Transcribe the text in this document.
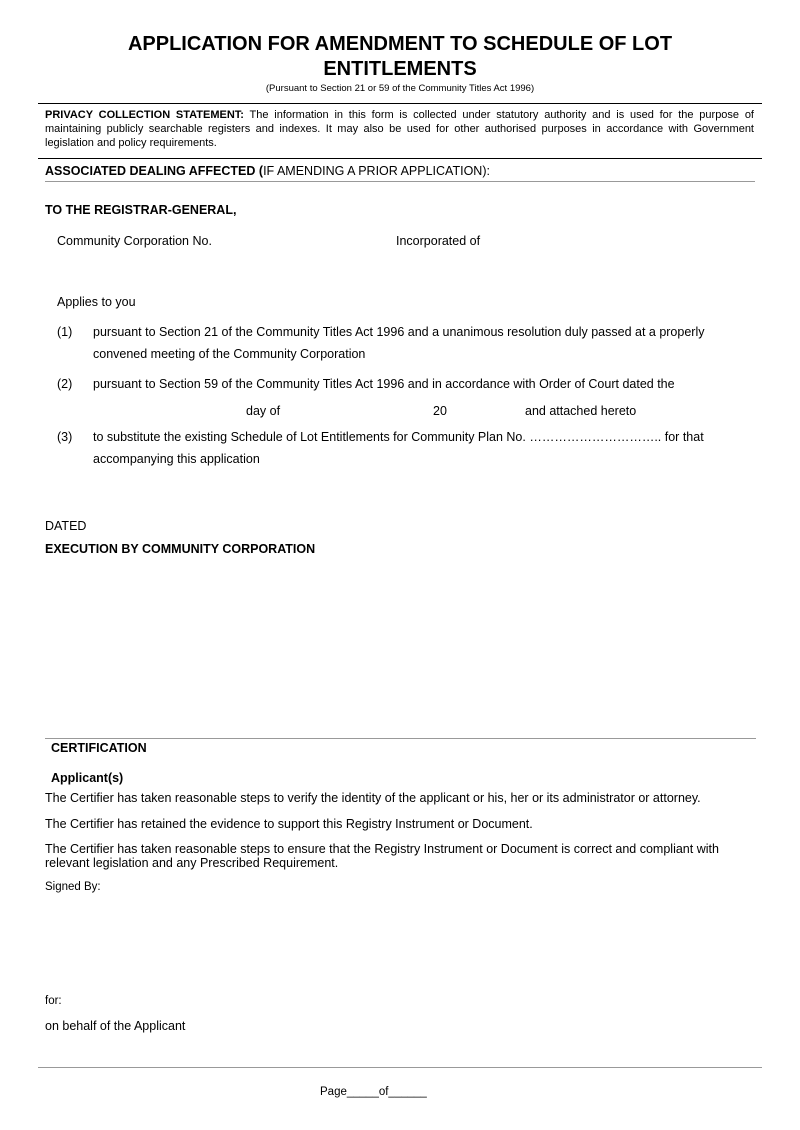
APPLICATION FOR AMENDMENT TO SCHEDULE OF LOT
ENTITLEMENTS
(Pursuant to Section 21 or 59 of the Community Titles Act 1996)
PRIVACY COLLECTION STATEMENT: The information in this form is collected under statutory authority and is used for the purpose of maintaining publicly searchable registers and indexes. It may also be used for other authorised purposes in accordance with Government legislation and policy requirements.
ASSOCIATED DEALING AFFECTED (IF AMENDING A PRIOR APPLICATION):
TO THE REGISTRAR-GENERAL,
Community Corporation No.	Incorporated of
Applies to you
(1) pursuant to Section 21 of the Community Titles Act 1996 and a unanimous resolution duly passed at a properly convened meeting of the Community Corporation
(2) pursuant to Section 59 of the Community Titles Act 1996 and in accordance with Order of Court dated the
day of	20	and attached hereto
(3) to substitute the existing Schedule of Lot Entitlements for Community Plan No. ………………………….. for that accompanying this application
DATED
EXECUTION BY COMMUNITY CORPORATION
CERTIFICATION
Applicant(s)
The Certifier has taken reasonable steps to verify the identity of the applicant or his, her or its administrator or attorney.
The Certifier has retained the evidence to support this Registry Instrument or Document.
The Certifier has taken reasonable steps to ensure that the Registry Instrument or Document is correct and compliant with relevant legislation and any Prescribed Requirement.
Signed By:
for:
on behalf of the Applicant
Page_____of______
